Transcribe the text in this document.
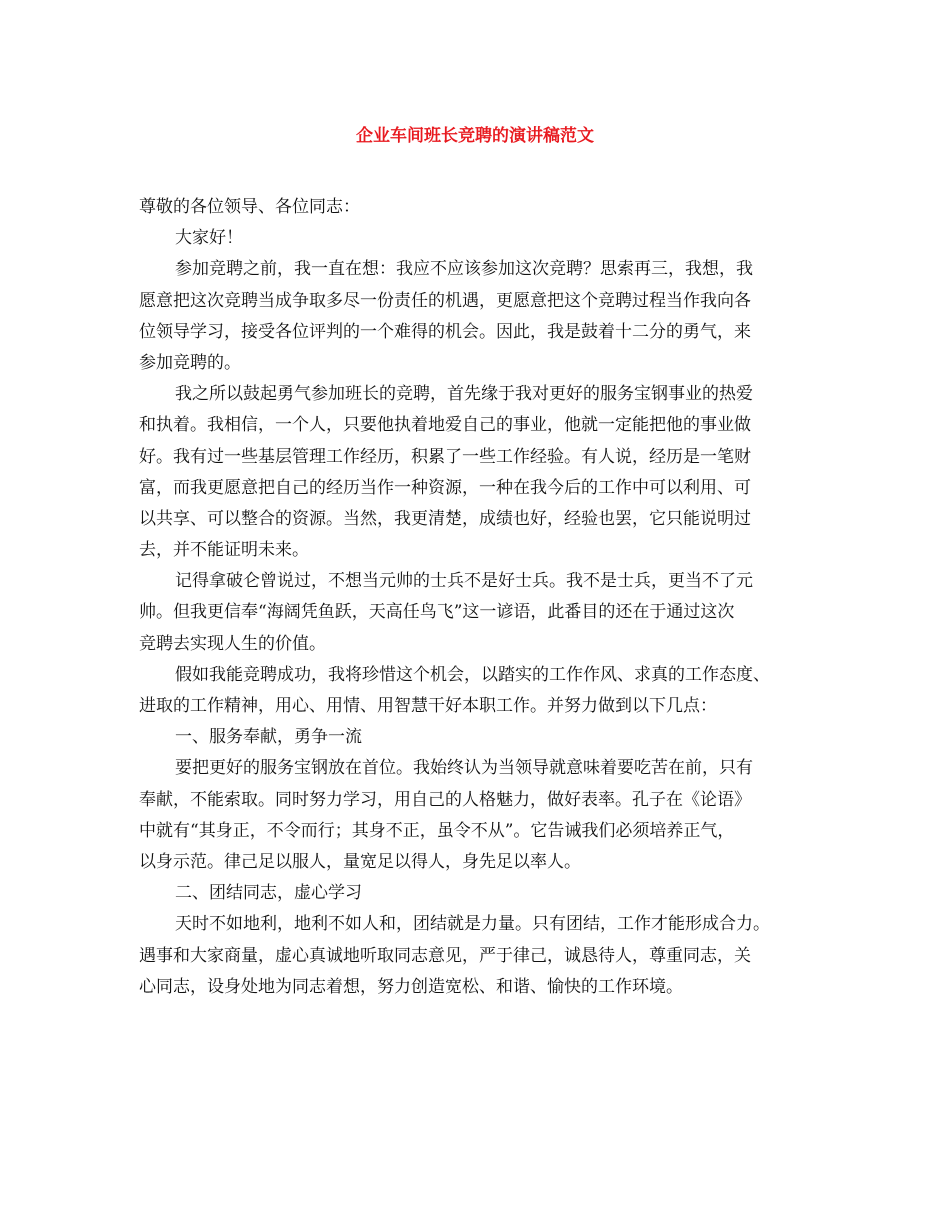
企业车间班长竞聘的演讲稿范文

尊敬的各位领导、各位同志：

大家好！

参加竞聘之前，我一直在想：我应不应该参加这次竞聘？思索再三，我想，我

愿意把这次竞聘当成争取多尽一份责任的机遇，更愿意把这个竞聘过程当作我向各

位领导学习，接受各位评判的一个难得的机会。因此，我是鼓着十二分的勇气，来

参加竞聘的。

我之所以鼓起勇气参加班长的竞聘，首先缘于我对更好的服务宝钢事业的热爱

和执着。我相信，一个人，只要他执着地爱自己的事业，他就一定能把他的事业做

好。我有过一些基层管理工作经历，积累了一些工作经验。有人说，经历是一笔财

富，而我更愿意把自己的经历当作一种资源，一种在我今后的工作中可以利用、可

以共享、可以整合的资源。当然，我更清楚，成绩也好，经验也罢，它只能说明过

去，并不能证明未来。

记得拿破仑曾说过，不想当元帅的士兵不是好士兵。我不是士兵，更当不了元

帅。但我更信奉“海阔凭鱼跃，天高任鸟飞”这一谚语，此番目的还在于通过这次

竞聘去实现人生的价值。

假如我能竞聘成功，我将珍惜这个机会，以踏实的工作作风、求真的工作态度、

进取的工作精神，用心、用情、用智慧干好本职工作。并努力做到以下几点：

一、服务奉献，勇争一流

要把更好的服务宝钢放在首位。我始终认为当领导就意味着要吃苦在前，只有

奉献，不能索取。同时努力学习，用自己的人格魅力，做好表率。孔子在《论语》

中就有“其身正，不令而行；其身不正，虽令不从”。它告诫我们必须培养正气，

以身示范。律己足以服人，量宽足以得人，身先足以率人。

二、团结同志，虚心学习

天时不如地利，地利不如人和，团结就是力量。只有团结，工作才能形成合力。

遇事和大家商量，虚心真诚地听取同志意见，严于律己，诚恳待人，尊重同志，关

心同志，设身处地为同志着想，努力创造宽松、和谐、愉快的工作环境。
